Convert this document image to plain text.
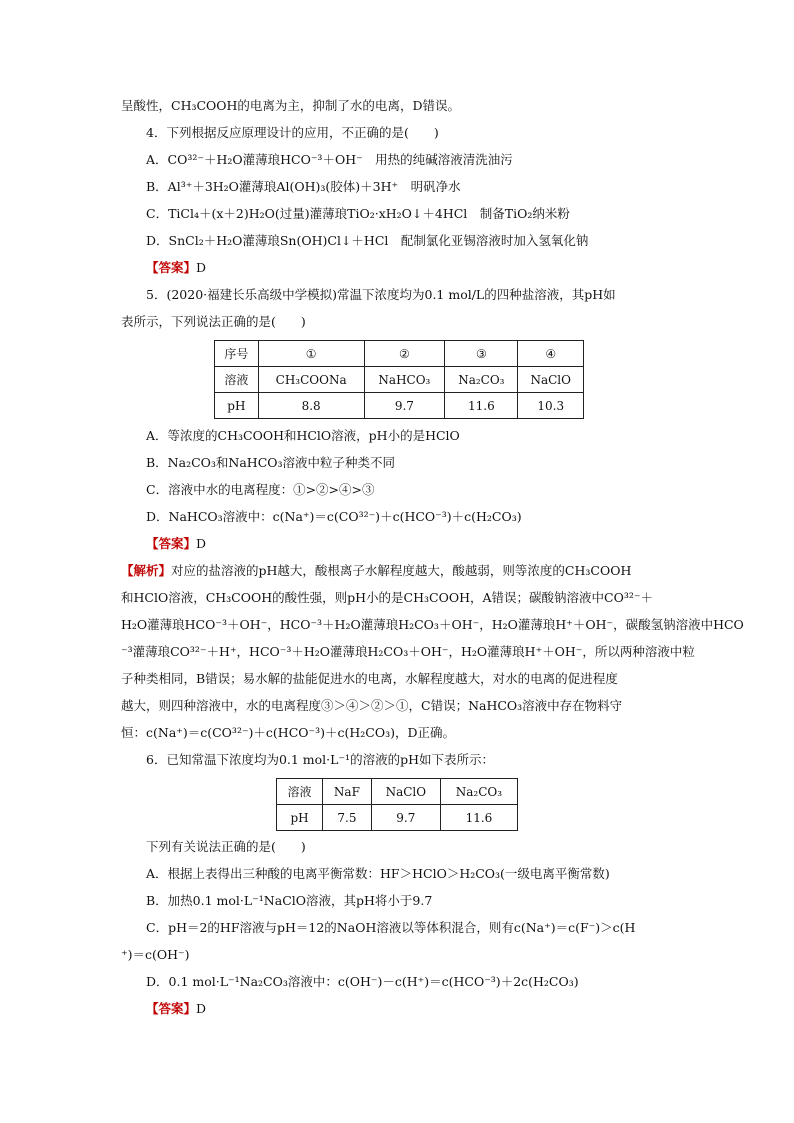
呈酸性，CH₃COOH的电离为主，抑制了水的电离，D错误。
4．下列根据反应原理设计的应用，不正确的是(　　)
A．CO³²⁻＋H₂O灌薄琅HCO⁻³＋OH⁻　用热的纯碱溶液清洗油污
B．Al³⁺＋3H₂O灌薄琅Al(OH)₃(胶体)＋3H⁺　明矾净水
C．TiCl₄＋(x＋2)H₂O(过量)灌薄琅TiO₂·xH₂O↓＋4HCl　制备TiO₂纳米粉
D．SnCl₂＋H₂O灌薄琅Sn(OH)Cl↓＋HCl　配制氯化亚锡溶液时加入氢氧化钠
【答案】D
5．(2020·福建长乐高级中学模拟)常温下浓度均为0.1 mol/L的四种盐溶液，其pH如
表所示，下列说法正确的是(　　)
序号	①	②	③	④
溶液	CH₃COONa	NaHCO₃	Na₂CO₃	NaClO
pH	8.8	9.7	11.6	10.3
A．等浓度的CH₃COOH和HClO溶液，pH小的是HClO
B．Na₂CO₃和NaHCO₃溶液中粒子种类不同
C．溶液中水的电离程度：①>②>④>③
D．NaHCO₃溶液中：c(Na⁺)＝c(CO³²⁻)＋c(HCO⁻³)＋c(H₂CO₃)
【答案】D
【解析】对应的盐溶液的pH越大，酸根离子水解程度越大，酸越弱，则等浓度的CH₃COOH
和HClO溶液，CH₃COOH的酸性强，则pH小的是CH₃COOH，A错误；碳酸钠溶液中CO³²⁻＋
H₂O灌薄琅HCO⁻³＋OH⁻，HCO⁻³＋H₂O灌薄琅H₂CO₃＋OH⁻，H₂O灌薄琅H⁺＋OH⁻，碳酸氢钠溶液中HCO
⁻³灌薄琅CO³²⁻＋H⁺，HCO⁻³＋H₂O灌薄琅H₂CO₃＋OH⁻，H₂O灌薄琅H⁺＋OH⁻，所以两种溶液中粒
子种类相同，B错误；易水解的盐能促进水的电离，水解程度越大，对水的电离的促进程度
越大，则四种溶液中，水的电离程度③＞④＞②＞①，C错误；NaHCO₃溶液中存在物料守
恒：c(Na⁺)＝c(CO³²⁻)＋c(HCO⁻³)＋c(H₂CO₃)，D正确。
6．已知常温下浓度均为0.1 mol·L⁻¹的溶液的pH如下表所示：
溶液	NaF	NaClO	Na₂CO₃
pH	7.5	9.7	11.6
下列有关说法正确的是(　　)
A．根据上表得出三种酸的电离平衡常数：HF＞HClO＞H₂CO₃(一级电离平衡常数)
B．加热0.1 mol·L⁻¹NaClO溶液，其pH将小于9.7
C．pH＝2的HF溶液与pH＝12的NaOH溶液以等体积混合，则有c(Na⁺)＝c(F⁻)＞c(H
⁺)＝c(OH⁻)
D．0.1 mol·L⁻¹Na₂CO₃溶液中：c(OH⁻)－c(H⁺)＝c(HCO⁻³)＋2c(H₂CO₃)
【答案】D
